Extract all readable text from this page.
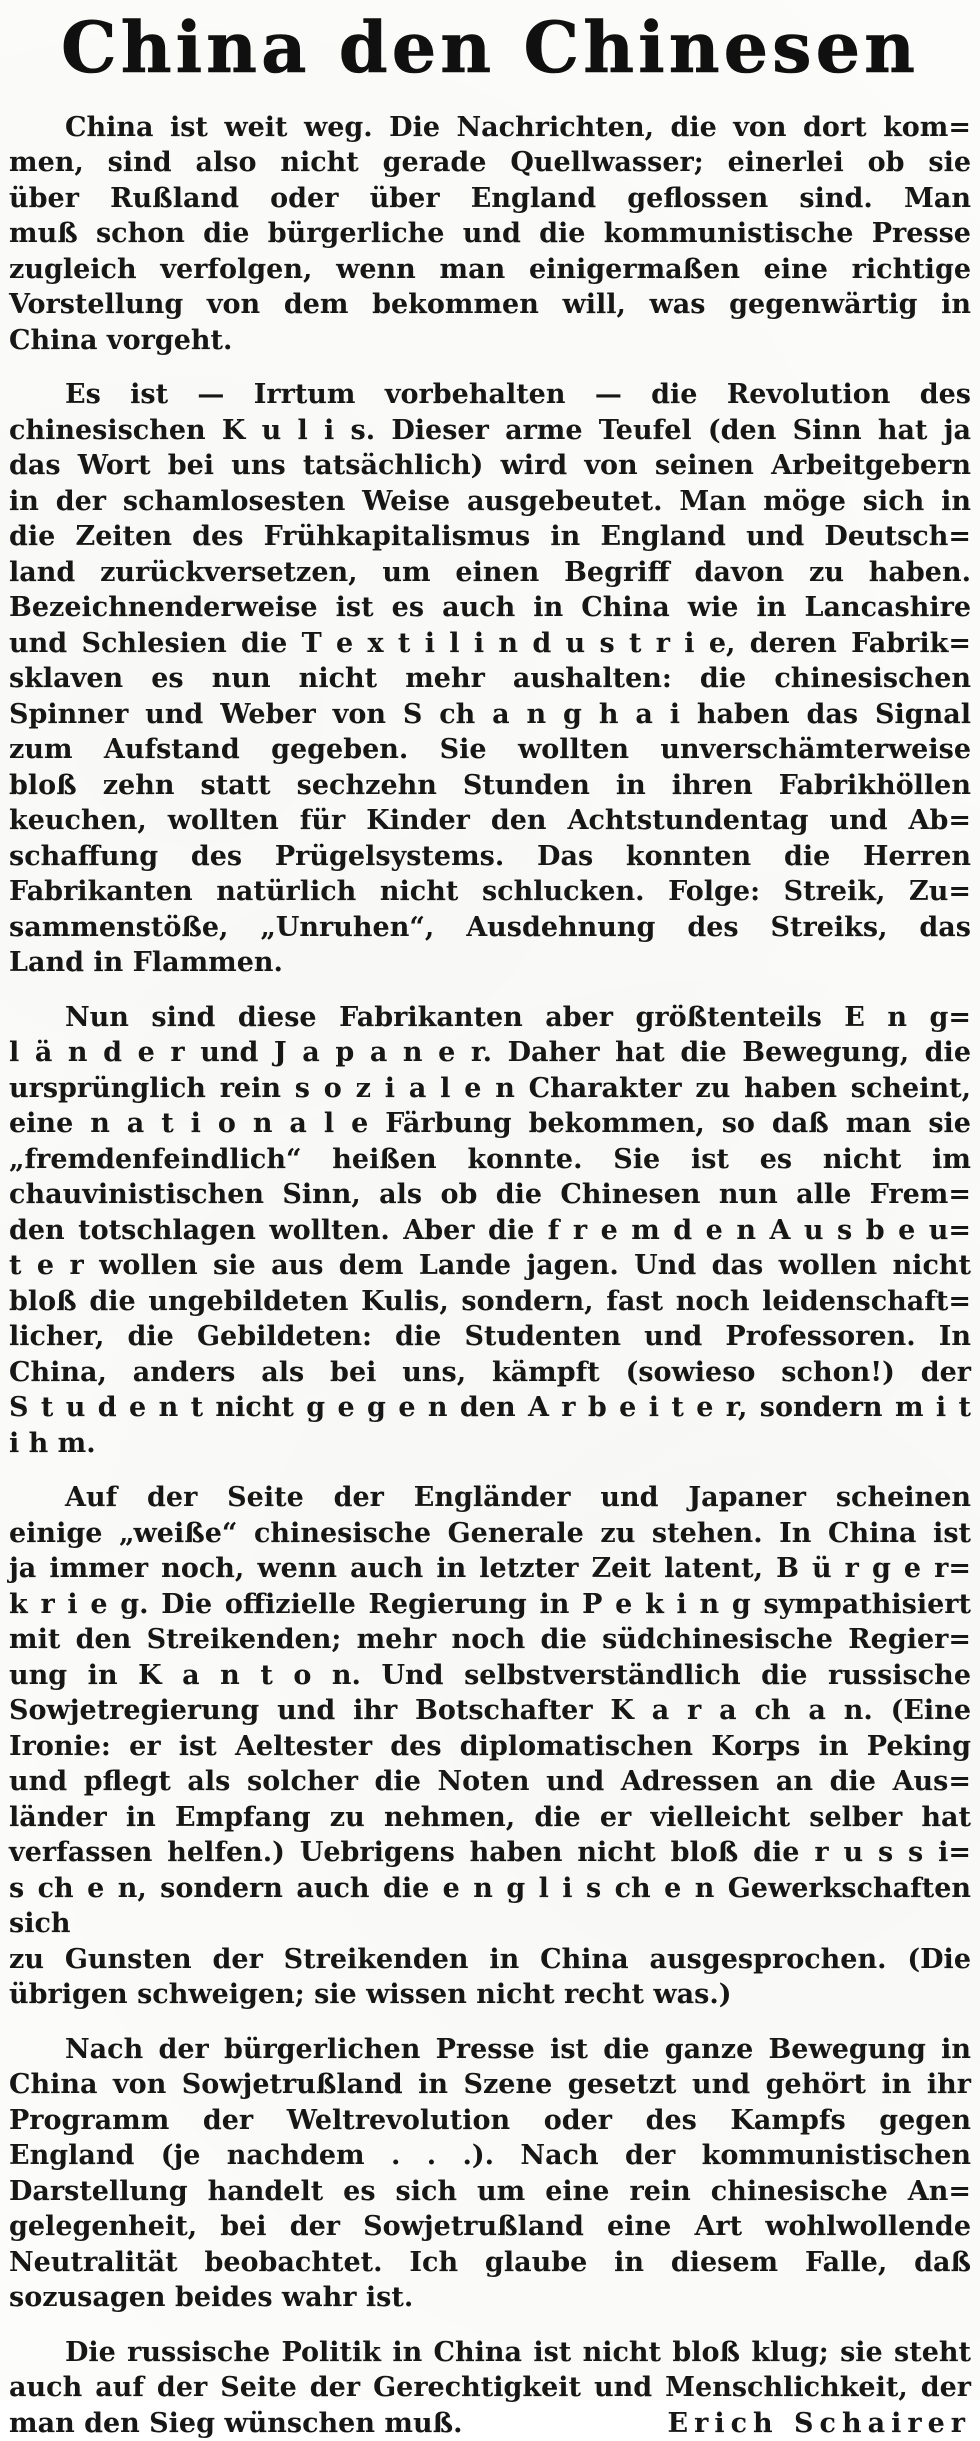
China den Chinesen

China ist weit weg. Die Nachrichten, die von dort kom=
men, sind also nicht gerade Quellwasser; einerlei ob sie
über Rußland oder über England geflossen sind. Man
muß schon die bürgerliche und die kommunistische Presse
zugleich verfolgen, wenn man einigermaßen eine richtige
Vorstellung von dem bekommen will, was gegenwärtig in
China vorgeht.

Es ist — Irrtum vorbehalten — die Revolution des
chinesischen K u l i s. Dieser arme Teufel (den Sinn hat ja
das Wort bei uns tatsächlich) wird von seinen Arbeitgebern
in der schamlosesten Weise ausgebeutet. Man möge sich in
die Zeiten des Frühkapitalismus in England und Deutsch=
land zurückversetzen, um einen Begriff davon zu haben.
Bezeichnenderweise ist es auch in China wie in Lancashire
und Schlesien die T e x t i l i n d u s t r i e, deren Fabrik=
sklaven es nun nicht mehr aushalten: die chinesischen
Spinner und Weber von S ch a n g h a i haben das Signal
zum Aufstand gegeben. Sie wollten unverschämterweise
bloß zehn statt sechzehn Stunden in ihren Fabrikhöllen
keuchen, wollten für Kinder den Achtstundentag und Ab=
schaffung des Prügelsystems. Das konnten die Herren
Fabrikanten natürlich nicht schlucken. Folge: Streik, Zu=
sammenstöße, „Unruhen“, Ausdehnung des Streiks, das
Land in Flammen.

Nun sind diese Fabrikanten aber größtenteils E n g=
l ä n d e r und J a p a n e r. Daher hat die Bewegung, die
ursprünglich rein s o z i a l e n Charakter zu haben scheint,
eine n a t i o n a l e Färbung bekommen, so daß man sie
„fremdenfeindlich“ heißen konnte. Sie ist es nicht im
chauvinistischen Sinn, als ob die Chinesen nun alle Frem=
den totschlagen wollten. Aber die f r e m d e n A u s b e u=
t e r wollen sie aus dem Lande jagen. Und das wollen nicht
bloß die ungebildeten Kulis, sondern, fast noch leidenschaft=
licher, die Gebildeten: die Studenten und Professoren. In
China, anders als bei uns, kämpft (sowieso schon!) der
S t u d e n t nicht g e g e n den A r b e i t e r, sondern m i t
i h m.

Auf der Seite der Engländer und Japaner scheinen
einige „weiße“ chinesische Generale zu stehen. In China ist
ja immer noch, wenn auch in letzter Zeit latent, B ü r g e r=
k r i e g. Die offizielle Regierung in P e k i n g sympathisiert
mit den Streikenden; mehr noch die südchinesische Regier=
ung in K a n t o n. Und selbstverständlich die russische
Sowjetregierung und ihr Botschafter K a r a ch a n. (Eine
Ironie: er ist Aeltester des diplomatischen Korps in Peking
und pflegt als solcher die Noten und Adressen an die Aus=
länder in Empfang zu nehmen, die er vielleicht selber hat
verfassen helfen.) Uebrigens haben nicht bloß die r u s s i=
s ch e n, sondern auch die e n g l i s ch e n Gewerkschaften sich
zu Gunsten der Streikenden in China ausgesprochen. (Die
übrigen schweigen; sie wissen nicht recht was.)

Nach der bürgerlichen Presse ist die ganze Bewegung in
China von Sowjetrußland in Szene gesetzt und gehört in ihr
Programm der Weltrevolution oder des Kampfs gegen
England (je nachdem . . .). Nach der kommunistischen
Darstellung handelt es sich um eine rein chinesische An=
gelegenheit, bei der Sowjetrußland eine Art wohlwollende
Neutralität beobachtet. Ich glaube in diesem Falle, daß
sozusagen beides wahr ist.

Die russische Politik in China ist nicht bloß klug; sie steht
auch auf der Seite der Gerechtigkeit und Menschlichkeit, der
man den Sieg wünschen muß.	Erich Schairer
